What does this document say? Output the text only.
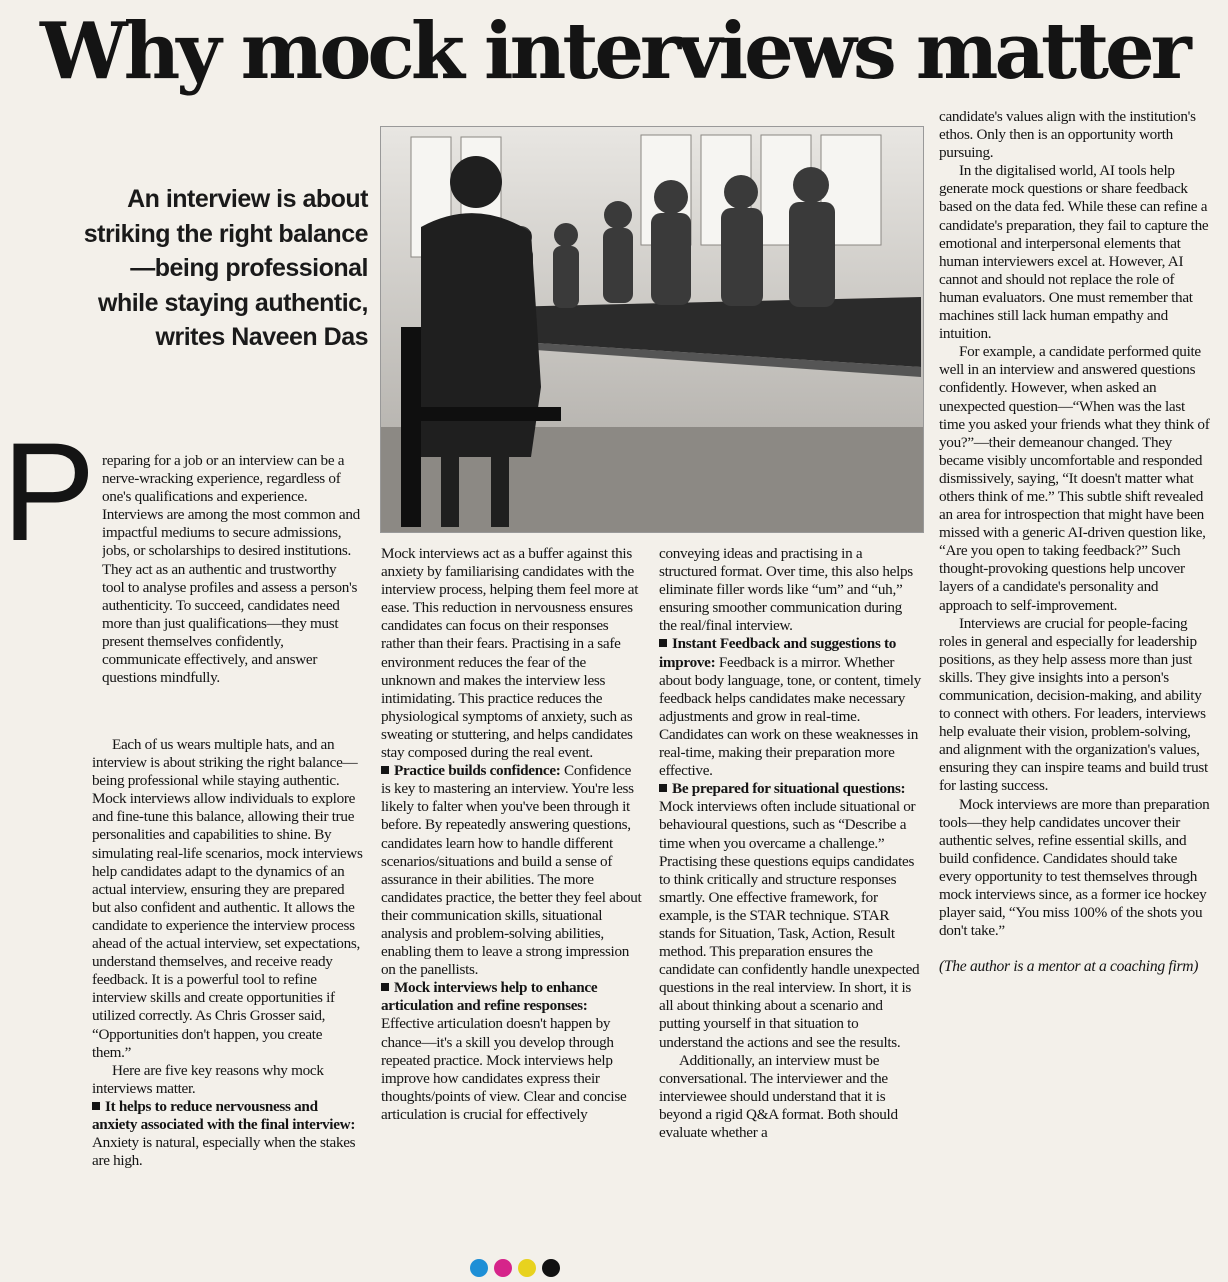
Why mock interviews matter
An interview is about striking the right balance—being professional while staying authentic, writes Naveen Das
P reparing for a job or an interview can be a nerve-wracking experience, regardless of one's qualifications and experience. Interviews are among the most common and impactful mediums to secure admissions, jobs, or scholarships to desired institutions. They act as an authentic and trustworthy tool to analyse profiles and assess a person's authenticity. To succeed, candidates need more than just qualifications—they must present themselves confidently, communicate effectively, and answer questions mindfully.

Each of us wears multiple hats, and an interview is about striking the right balance—being professional while staying authentic. Mock interviews allow individuals to explore and fine-tune this balance, allowing their true personalities and capabilities to shine. By simulating real-life scenarios, mock interviews help candidates adapt to the dynamics of an actual interview, ensuring they are prepared but also confident and authentic. It allows the candidate to experience the interview process ahead of the actual interview, set expectations, understand themselves, and receive ready feedback. It is a powerful tool to refine interview skills and create opportunities if utilized correctly. As Chris Grosser said, “Opportunities don't happen, you create them.”

Here are five key reasons why mock interviews matter.

It helps to reduce nervousness and anxiety associated with the final interview: Anxiety is natural, especially when the stakes are high.

Mock interviews act as a buffer against this anxiety by familiarising candidates with the interview process, helping them feel more at ease. This reduction in nervousness ensures candidates can focus on their responses rather than their fears. Practising in a safe environment reduces the fear of the unknown and makes the interview less intimidating. This practice reduces the physiological symptoms of anxiety, such as sweating or stuttering, and helps candidates stay composed during the real event.

Practice builds confidence: Confidence is key to mastering an interview. You're less likely to falter when you've been through it before. By repeatedly answering questions, candidates learn how to handle different scenarios/situations and build a sense of assurance in their abilities. The more candidates practice, the better they feel about their communication skills, situational analysis and problem-solving abilities, enabling them to leave a strong impression on the panellists.

Mock interviews help to enhance articulation and refine responses: Effective articulation doesn't happen by chance—it's a skill you develop through repeated practice. Mock interviews help improve how candidates express their thoughts/points of view. Clear and concise articulation is crucial for effectively

conveying ideas and practising in a structured format. Over time, this also helps eliminate filler words like “um” and “uh,” ensuring smoother communication during the real/final interview.

Instant Feedback and suggestions to improve: Feedback is a mirror. Whether about body language, tone, or content, timely feedback helps candidates make necessary adjustments and grow in real-time. Candidates can work on these weaknesses in real-time, making their preparation more effective.

Be prepared for situational questions: Mock interviews often include situational or behavioural questions, such as “Describe a time when you overcame a challenge.” Practising these questions equips candidates to think critically and structure responses smartly. One effective framework, for example, is the STAR technique. STAR stands for Situation, Task, Action, Result method. This preparation ensures the candidate can confidently handle unexpected questions in the real interview. In short, it is all about thinking about a scenario and putting yourself in that situation to understand the actions and see the results.

Additionally, an interview must be conversational. The interviewer and the interviewee should understand that it is beyond a rigid Q&A format. Both should evaluate whether a

candidate's values align with the institution's ethos. Only then is an opportunity worth pursuing.

In the digitalised world, AI tools help generate mock questions or share feedback based on the data fed. While these can refine a candidate's preparation, they fail to capture the emotional and interpersonal elements that human interviewers excel at. However, AI cannot and should not replace the role of human evaluators. One must remember that machines still lack human empathy and intuition.

For example, a candidate performed quite well in an interview and answered questions confidently. However, when asked an unexpected question—“When was the last time you asked your friends what they think of you?”—their demeanour changed. They became visibly uncomfortable and responded dismissively, saying, “It doesn't matter what others think of me.” This subtle shift revealed an area for introspection that might have been missed with a generic AI-driven question like, “Are you open to taking feedback?” Such thought-provoking questions help uncover layers of a candidate's personality and approach to self-improvement.

Interviews are crucial for people-facing roles in general and especially for leadership positions, as they help assess more than just skills. They give insights into a person's communication, decision-making, and ability to connect with others. For leaders, interviews help evaluate their vision, problem-solving, and alignment with the organization's values, ensuring they can inspire teams and build trust for lasting success.

Mock interviews are more than preparation tools—they help candidates uncover their authentic selves, refine essential skills, and build confidence. Candidates should take every opportunity to test themselves through mock interviews since, as a former ice hockey player said, “You miss 100% of the shots you don't take.”

(The author is a mentor at a coaching firm)
